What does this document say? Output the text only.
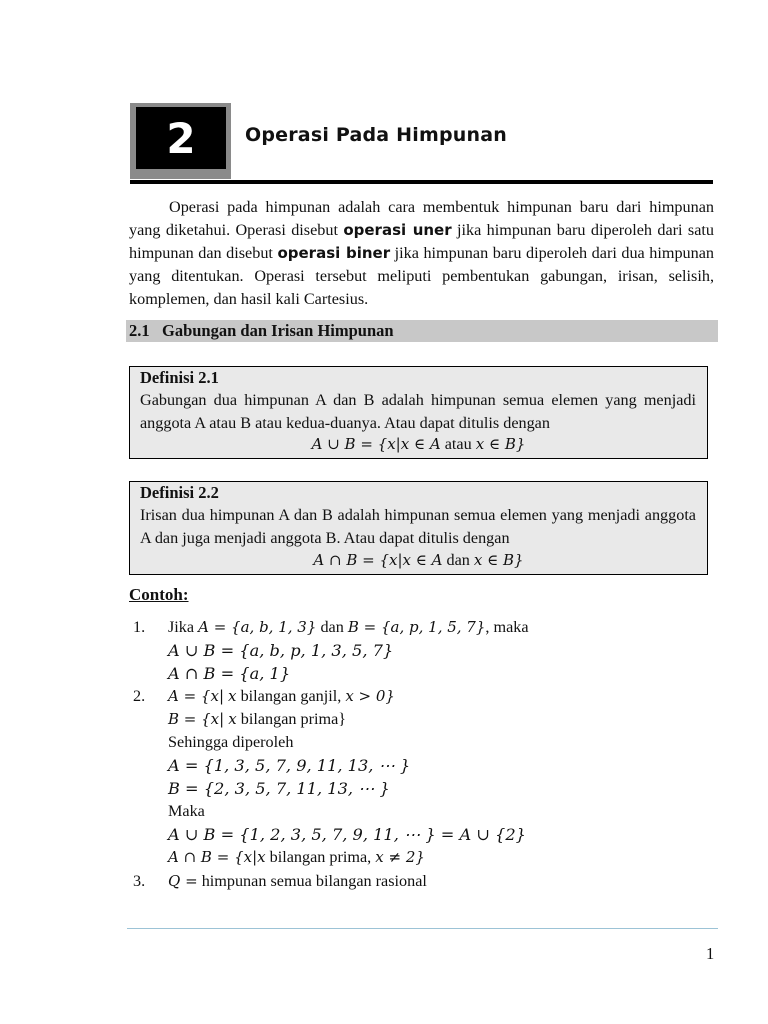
2	Operasi Pada Himpunan

Operasi pada himpunan adalah cara membentuk himpunan baru dari himpunan yang diketahui. Operasi disebut operasi uner jika himpunan baru diperoleh dari satu himpunan dan disebut operasi biner jika himpunan baru diperoleh dari dua himpunan yang ditentukan. Operasi tersebut meliputi pembentukan gabungan, irisan, selisih, komplemen, dan hasil kali Cartesius.

2.1 Gabungan dan Irisan Himpunan
Definisi 2.1

Gabungan dua himpunan A dan B adalah himpunan semua elemen yang menjadi anggota A atau B atau kedua-duanya. Atau dapat ditulis dengan

A ∪ B = {x|x ∈ A atau x ∈ B}
Definisi 2.2

Irisan dua himpunan A dan B adalah himpunan semua elemen yang menjadi anggota A dan juga menjadi anggota B. Atau dapat ditulis dengan

A ∩ B = {x|x ∈ A dan x ∈ B}
Contoh:
1. Jika A = {a, b, 1, 3} dan B = {a, p, 1, 5, 7}, maka
A ∪ B = {a, b, p, 1, 3, 5, 7}
A ∩ B = {a, 1}
2. A = {x| x bilangan ganjil, x > 0}
B = {x| x bilangan prima}
Sehingga diperoleh
A = {1, 3, 5, 7, 9, 11, 13, ⋯ }
B = {2, 3, 5, 7, 11, 13, ⋯ }
Maka
A ∪ B = {1, 2, 3, 5, 7, 9, 11, ⋯ } = A ∪ {2}
A ∩ B = {x|x bilangan prima, x ≠ 2}
3. Q = himpunan semua bilangan rasional
1
